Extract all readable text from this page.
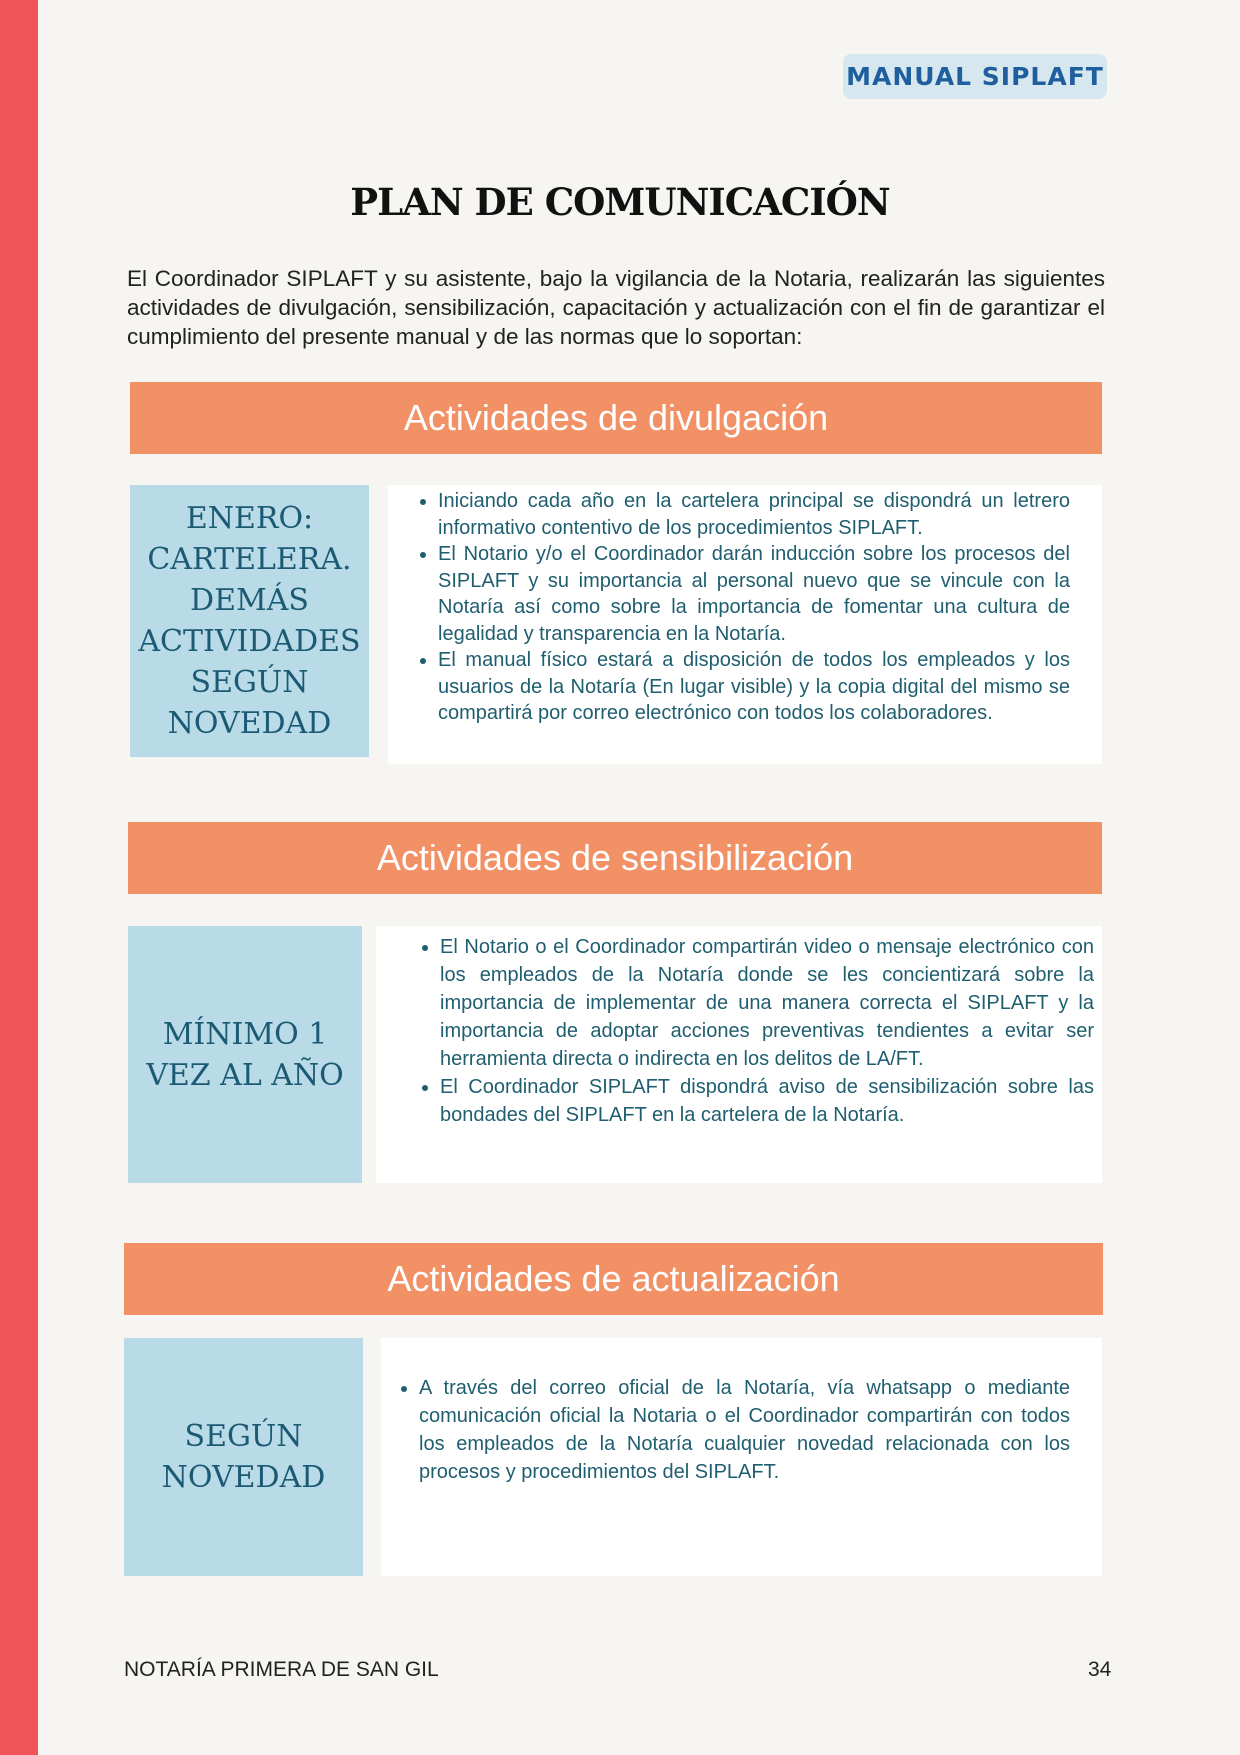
MANUAL SIPLAFT
PLAN DE COMUNICACIÓN
El Coordinador SIPLAFT y su asistente, bajo la vigilancia de la Notaria, realizarán las siguientes actividades de divulgación, sensibilización, capacitación y actualización con el fin de garantizar el cumplimiento del presente manual y de las normas que lo soportan:
Actividades de divulgación
ENERO: CARTELERA. DEMÁS ACTIVIDADES SEGÚN NOVEDAD
• Iniciando cada año en la cartelera principal se dispondrá un letrero informativo contentivo de los procedimientos SIPLAFT.
• El Notario y/o el Coordinador darán inducción sobre los procesos del SIPLAFT y su importancia al personal nuevo que se vincule con la Notaría así como sobre la importancia de fomentar una cultura de legalidad y transparencia en la Notaría.
• El manual físico estará a disposición de todos los empleados y los usuarios de la Notaría (En lugar visible) y la copia digital del mismo se compartirá por correo electrónico con todos los colaboradores.
Actividades de sensibilización
MÍNIMO 1 VEZ AL AÑO
• El Notario o el Coordinador compartirán video o mensaje electrónico con los empleados de la Notaría donde se les concientizará sobre la importancia de implementar de una manera correcta el SIPLAFT y la importancia de adoptar acciones preventivas tendientes a evitar ser herramienta directa o indirecta en los delitos de LA/FT.
• El Coordinador SIPLAFT dispondrá aviso de sensibilización sobre las bondades del SIPLAFT en la cartelera de la Notaría.
Actividades de actualización
SEGÚN NOVEDAD
• A través del correo oficial de la Notaría, vía whatsapp o mediante comunicación oficial la Notaria o el Coordinador compartirán con todos los empleados de la Notaría cualquier novedad relacionada con los procesos y procedimientos del SIPLAFT.
NOTARÍA PRIMERA DE SAN GIL	34
